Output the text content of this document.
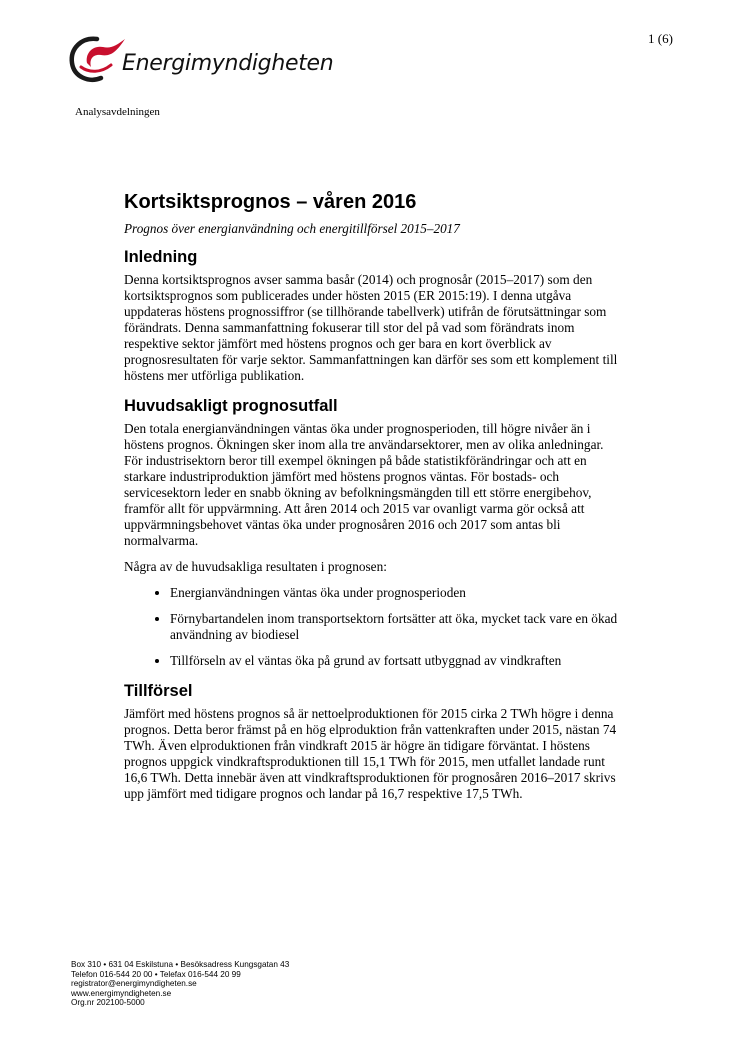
1 (6)
Energimyndigheten
Analysavdelningen
Kortsiktsprognos – våren 2016
Prognos över energianvändning och energitillförsel 2015–2017
Inledning

Denna kortsiktsprognos avser samma basår (2014) och prognosår (2015–2017) som den kortsiktsprognos som publicerades under hösten 2015 (ER 2015:19). I denna utgåva uppdateras höstens prognossiffror (se tillhörande tabellverk) utifrån de förutsättningar som förändrats. Denna sammanfattning fokuserar till stor del på vad som förändrats inom respektive sektor jämfört med höstens prognos och ger bara en kort överblick av prognosresultaten för varje sektor. Sammanfattningen kan därför ses som ett komplement till höstens mer utförliga publikation.

Huvudsakligt prognosutfall

Den totala energianvändningen väntas öka under prognosperioden, till högre nivåer än i höstens prognos. Ökningen sker inom alla tre användarsektorer, men av olika anledningar. För industrisektorn beror till exempel ökningen på både statistikförändringar och att en starkare industriproduktion jämfört med höstens prognos väntas. För bostads- och servicesektorn leder en snabb ökning av befolkningsmängden till ett större energibehov, framför allt för uppvärmning. Att åren 2014 och 2015 var ovanligt varma gör också att uppvärmningsbehovet väntas öka under prognosåren 2016 och 2017 som antas bli normalvarma.

Några av de huvudsakliga resultaten i prognosen:

• Energianvändningen väntas öka under prognosperioden
• Förnybartandelen inom transportsektorn fortsätter att öka, mycket tack vare en ökad användning av biodiesel
• Tillförseln av el väntas öka på grund av fortsatt utbyggnad av vindkraften
Tillförsel

Jämfört med höstens prognos så är nettoelproduktionen för 2015 cirka 2 TWh högre i denna prognos. Detta beror främst på en hög elproduktion från vattenkraften under 2015, nästan 74 TWh. Även elproduktionen från vindkraft 2015 är högre än tidigare förväntat. I höstens prognos uppgick vindkraftsproduktionen till 15,1 TWh för 2015, men utfallet landade runt 16,6 TWh. Detta innebär även att vindkraftsproduktionen för prognosåren 2016–2017 skrivs upp jämfört med tidigare prognos och landar på 16,7 respektive 17,5 TWh.

Box 310 • 631 04 Eskilstuna • Besöksadress Kungsgatan 43
Telefon 016-544 20 00 • Telefax 016-544 20 99
registrator@energimyndigheten.se
www.energimyndigheten.se
Org.nr 202100-5000
